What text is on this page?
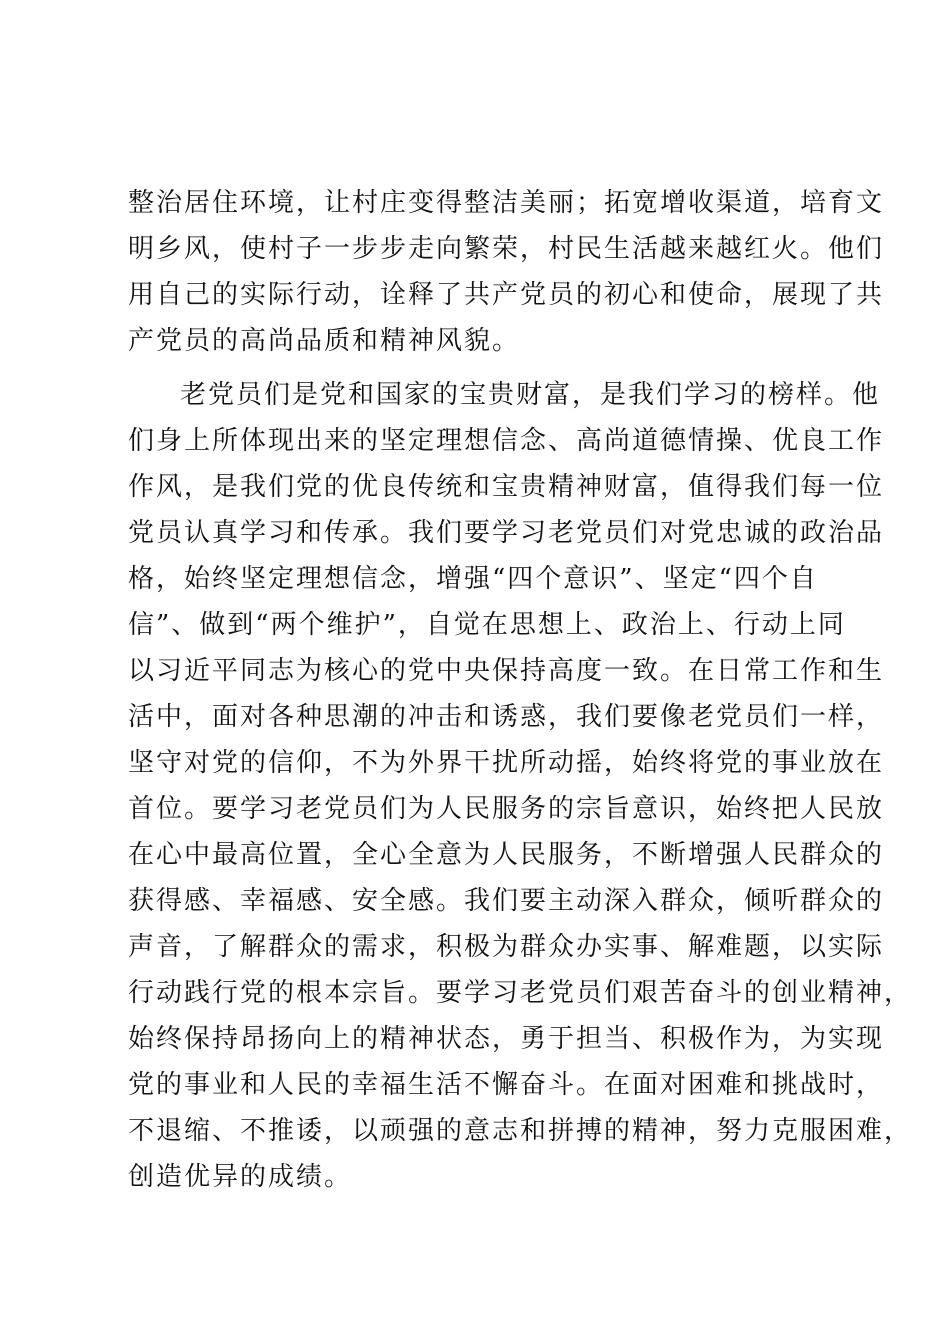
整治居住环境，让村庄变得整洁美丽；拓宽增收渠道，培育文
明乡风，使村子一步步走向繁荣，村民生活越来越红火。他们
用自己的实际行动，诠释了共产党员的初心和使命，展现了共
产党员的高尚品质和精神风貌。
老党员们是党和国家的宝贵财富，是我们学习的榜样。他
们身上所体现出来的坚定理想信念、高尚道德情操、优良工作
作风，是我们党的优良传统和宝贵精神财富，值得我们每一位
党员认真学习和传承。我们要学习老党员们对党忠诚的政治品
格，始终坚定理想信念，增强“四个意识”、坚定“四个自
信”、做到“两个维护”，自觉在思想上、政治上、行动上同
以习近平同志为核心的党中央保持高度一致。在日常工作和生
活中，面对各种思潮的冲击和诱惑，我们要像老党员们一样，
坚守对党的信仰，不为外界干扰所动摇，始终将党的事业放在
首位。要学习老党员们为人民服务的宗旨意识，始终把人民放
在心中最高位置，全心全意为人民服务，不断增强人民群众的
获得感、幸福感、安全感。我们要主动深入群众，倾听群众的
声音，了解群众的需求，积极为群众办实事、解难题，以实际
行动践行党的根本宗旨。要学习老党员们艰苦奋斗的创业精神，
始终保持昂扬向上的精神状态，勇于担当、积极作为，为实现
党的事业和人民的幸福生活不懈奋斗。在面对困难和挑战时，
不退缩、不推诿，以顽强的意志和拼搏的精神，努力克服困难，
创造优异的成绩。
